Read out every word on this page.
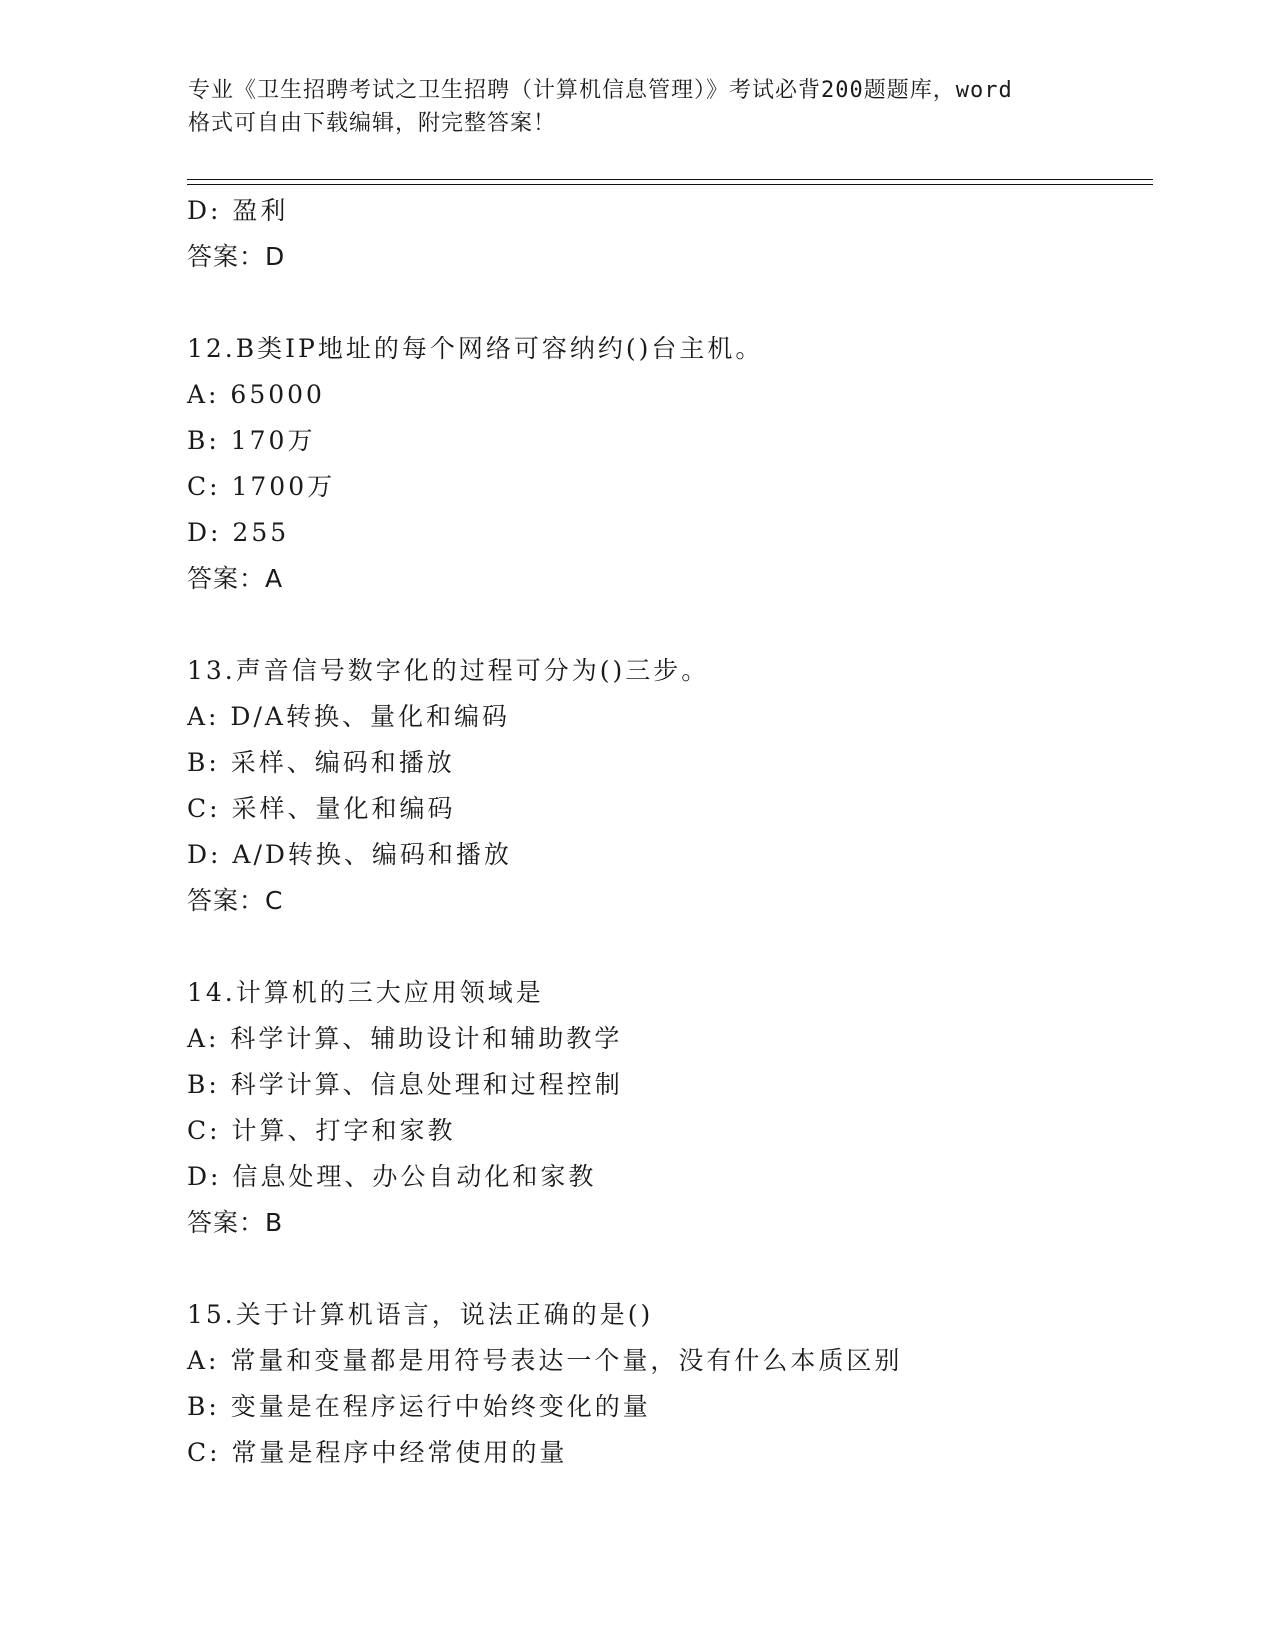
专业《卫生招聘考试之卫生招聘（计算机信息管理）》考试必背200题题库，word
格式可自由下载编辑，附完整答案！
D: 盈利
答案：D
12.B类IP地址的每个网络可容纳约()台主机。
A: 65000
B: 170万
C: 1700万
D: 255
答案：A
13.声音信号数字化的过程可分为()三步。
A: D/A转换、量化和编码
B: 采样、编码和播放
C: 采样、量化和编码
D: A/D转换、编码和播放
答案：C
14.计算机的三大应用领域是
A: 科学计算、辅助设计和辅助教学
B: 科学计算、信息处理和过程控制
C: 计算、打字和家教
D: 信息处理、办公自动化和家教
答案：B
15.关于计算机语言，说法正确的是()
A: 常量和变量都是用符号表达一个量，没有什么本质区别
B: 变量是在程序运行中始终变化的量
C: 常量是程序中经常使用的量
